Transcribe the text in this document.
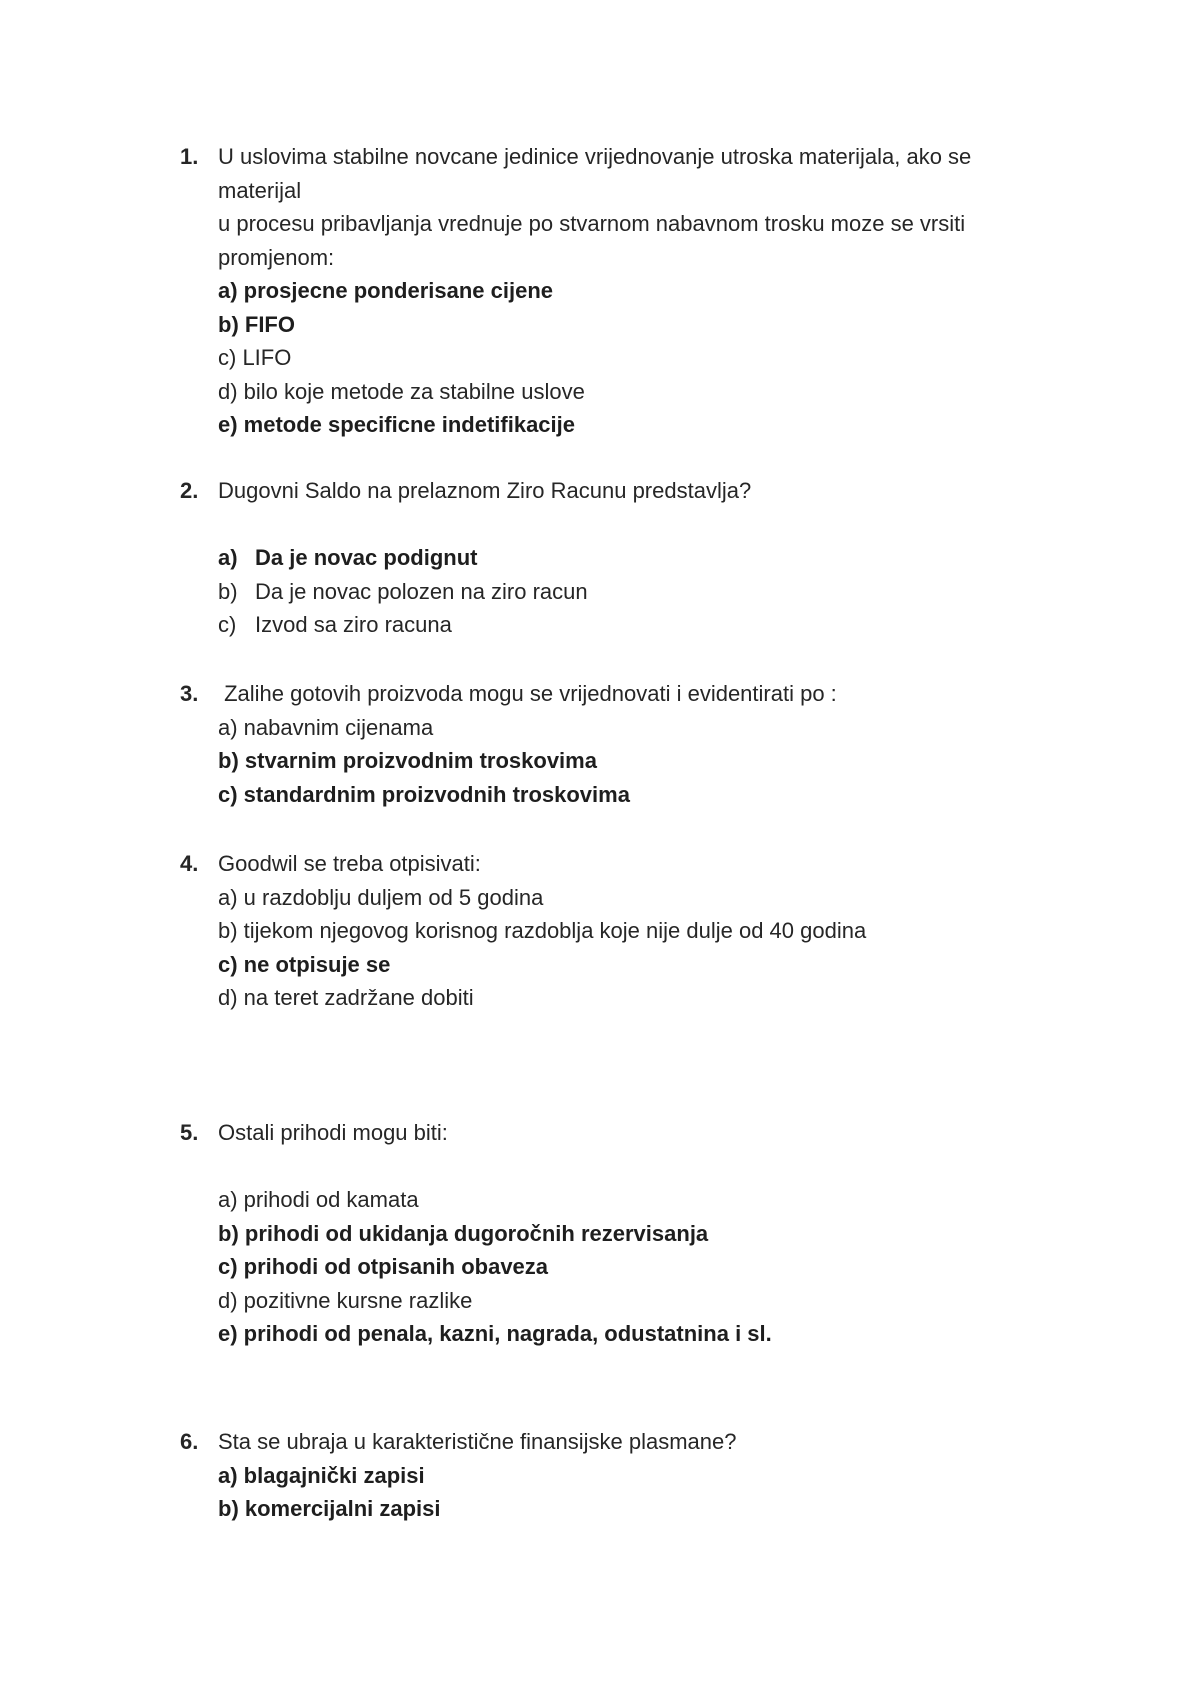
1. U uslovima stabilne novcane jedinice vrijednovanje utroska materijala, ako se
materijal
u procesu pribavljanja vrednuje po stvarnom nabavnom trosku moze se vrsiti
promjenom:
a) prosjecne ponderisane cijene
b) FIFO
c) LIFO
d) bilo koje metode za stabilne uslove
e) metode specificne indetifikacije
2. Dugovni Saldo na prelaznom Ziro Racunu predstavlja?
a) Da je novac podignut
b) Da je novac polozen na ziro racun
c) Izvod sa ziro racuna
3. Zalihe gotovih proizvoda mogu se vrijednovati i evidentirati po :
a) nabavnim cijenama
b) stvarnim proizvodnim troskovima
c) standardnim proizvodnih troskovima
4. Goodwil se treba otpisivati:
a) u razdoblju duljem od 5 godina
b) tijekom njegovog korisnog razdoblja koje nije dulje od 40 godina
c) ne otpisuje se
d) na teret zadržane dobiti
5. Ostali prihodi mogu biti:
a) prihodi od kamata
b) prihodi od ukidanja dugoročnih rezervisanja
c) prihodi od otpisanih obaveza
d) pozitivne kursne razlike
e) prihodi od penala, kazni, nagrada, odustatnina i sl.
6. Sta se ubraja u karakteristične finansijske plasmane?
a) blagajnički zapisi
b) komercijalni zapisi
